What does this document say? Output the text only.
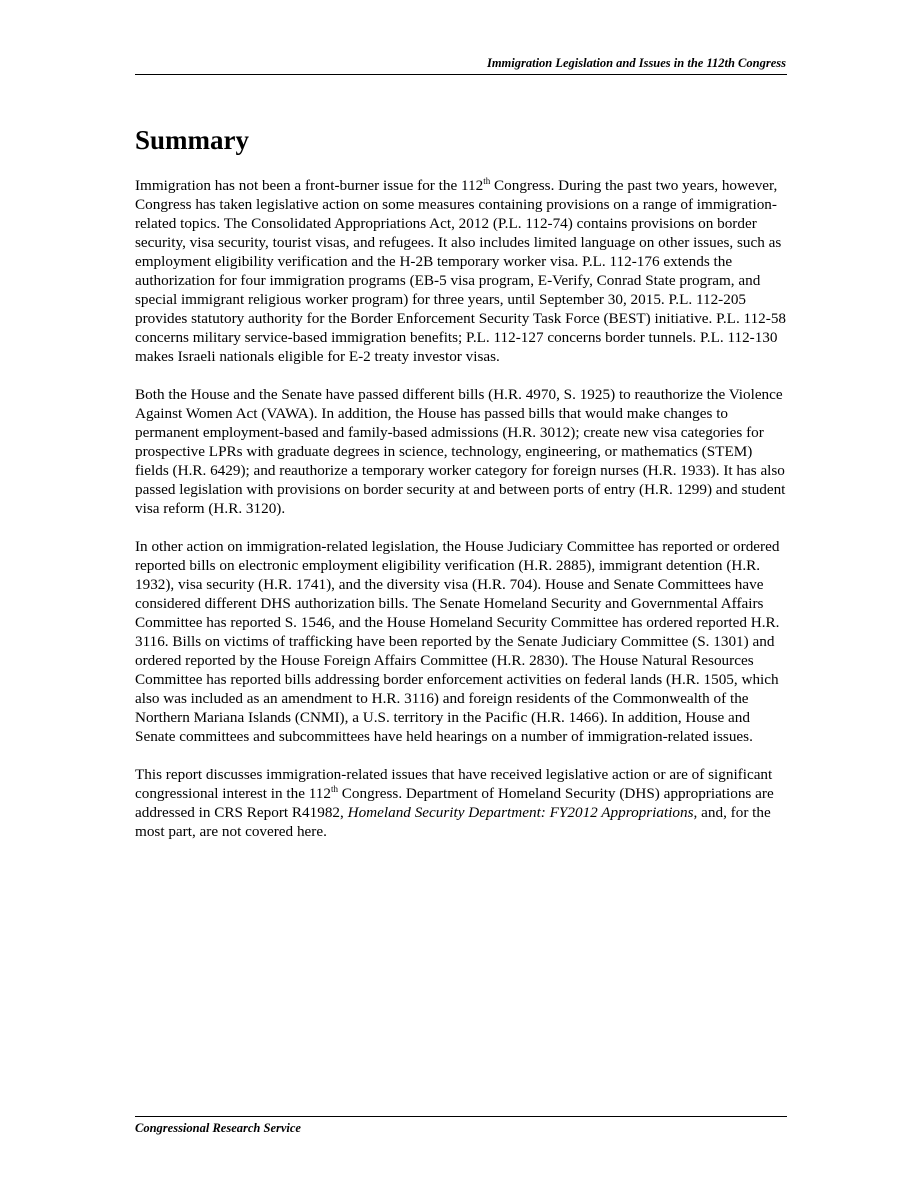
Immigration Legislation and Issues in the 112th Congress
Summary

Immigration has not been a front-burner issue for the 112th Congress. During the past two years, however, Congress has taken legislative action on some measures containing provisions on a range of immigration-related topics. The Consolidated Appropriations Act, 2012 (P.L. 112-74) contains provisions on border security, visa security, tourist visas, and refugees. It also includes limited language on other issues, such as employment eligibility verification and the H-2B temporary worker visa. P.L. 112-176 extends the authorization for four immigration programs (EB-5 visa program, E-Verify, Conrad State program, and special immigrant religious worker program) for three years, until September 30, 2015. P.L. 112-205 provides statutory authority for the Border Enforcement Security Task Force (BEST) initiative. P.L. 112-58 concerns military service-based immigration benefits; P.L. 112-127 concerns border tunnels. P.L. 112-130 makes Israeli nationals eligible for E-2 treaty investor visas.

Both the House and the Senate have passed different bills (H.R. 4970, S. 1925) to reauthorize the Violence Against Women Act (VAWA). In addition, the House has passed bills that would make changes to permanent employment-based and family-based admissions (H.R. 3012); create new visa categories for prospective LPRs with graduate degrees in science, technology, engineering, or mathematics (STEM) fields (H.R. 6429); and reauthorize a temporary worker category for foreign nurses (H.R. 1933). It has also passed legislation with provisions on border security at and between ports of entry (H.R. 1299) and student visa reform (H.R. 3120).

In other action on immigration-related legislation, the House Judiciary Committee has reported or ordered reported bills on electronic employment eligibility verification (H.R. 2885), immigrant detention (H.R. 1932), visa security (H.R. 1741), and the diversity visa (H.R. 704). House and Senate Committees have considered different DHS authorization bills. The Senate Homeland Security and Governmental Affairs Committee has reported S. 1546, and the House Homeland Security Committee has ordered reported H.R. 3116. Bills on victims of trafficking have been reported by the Senate Judiciary Committee (S. 1301) and ordered reported by the House Foreign Affairs Committee (H.R. 2830). The House Natural Resources Committee has reported bills addressing border enforcement activities on federal lands (H.R. 1505, which also was included as an amendment to H.R. 3116) and foreign residents of the Commonwealth of the Northern Mariana Islands (CNMI), a U.S. territory in the Pacific (H.R. 1466). In addition, House and Senate committees and subcommittees have held hearings on a number of immigration-related issues.

This report discusses immigration-related issues that have received legislative action or are of significant congressional interest in the 112th Congress. Department of Homeland Security (DHS) appropriations are addressed in CRS Report R41982, Homeland Security Department: FY2012 Appropriations, and, for the most part, are not covered here.

Congressional Research Service
